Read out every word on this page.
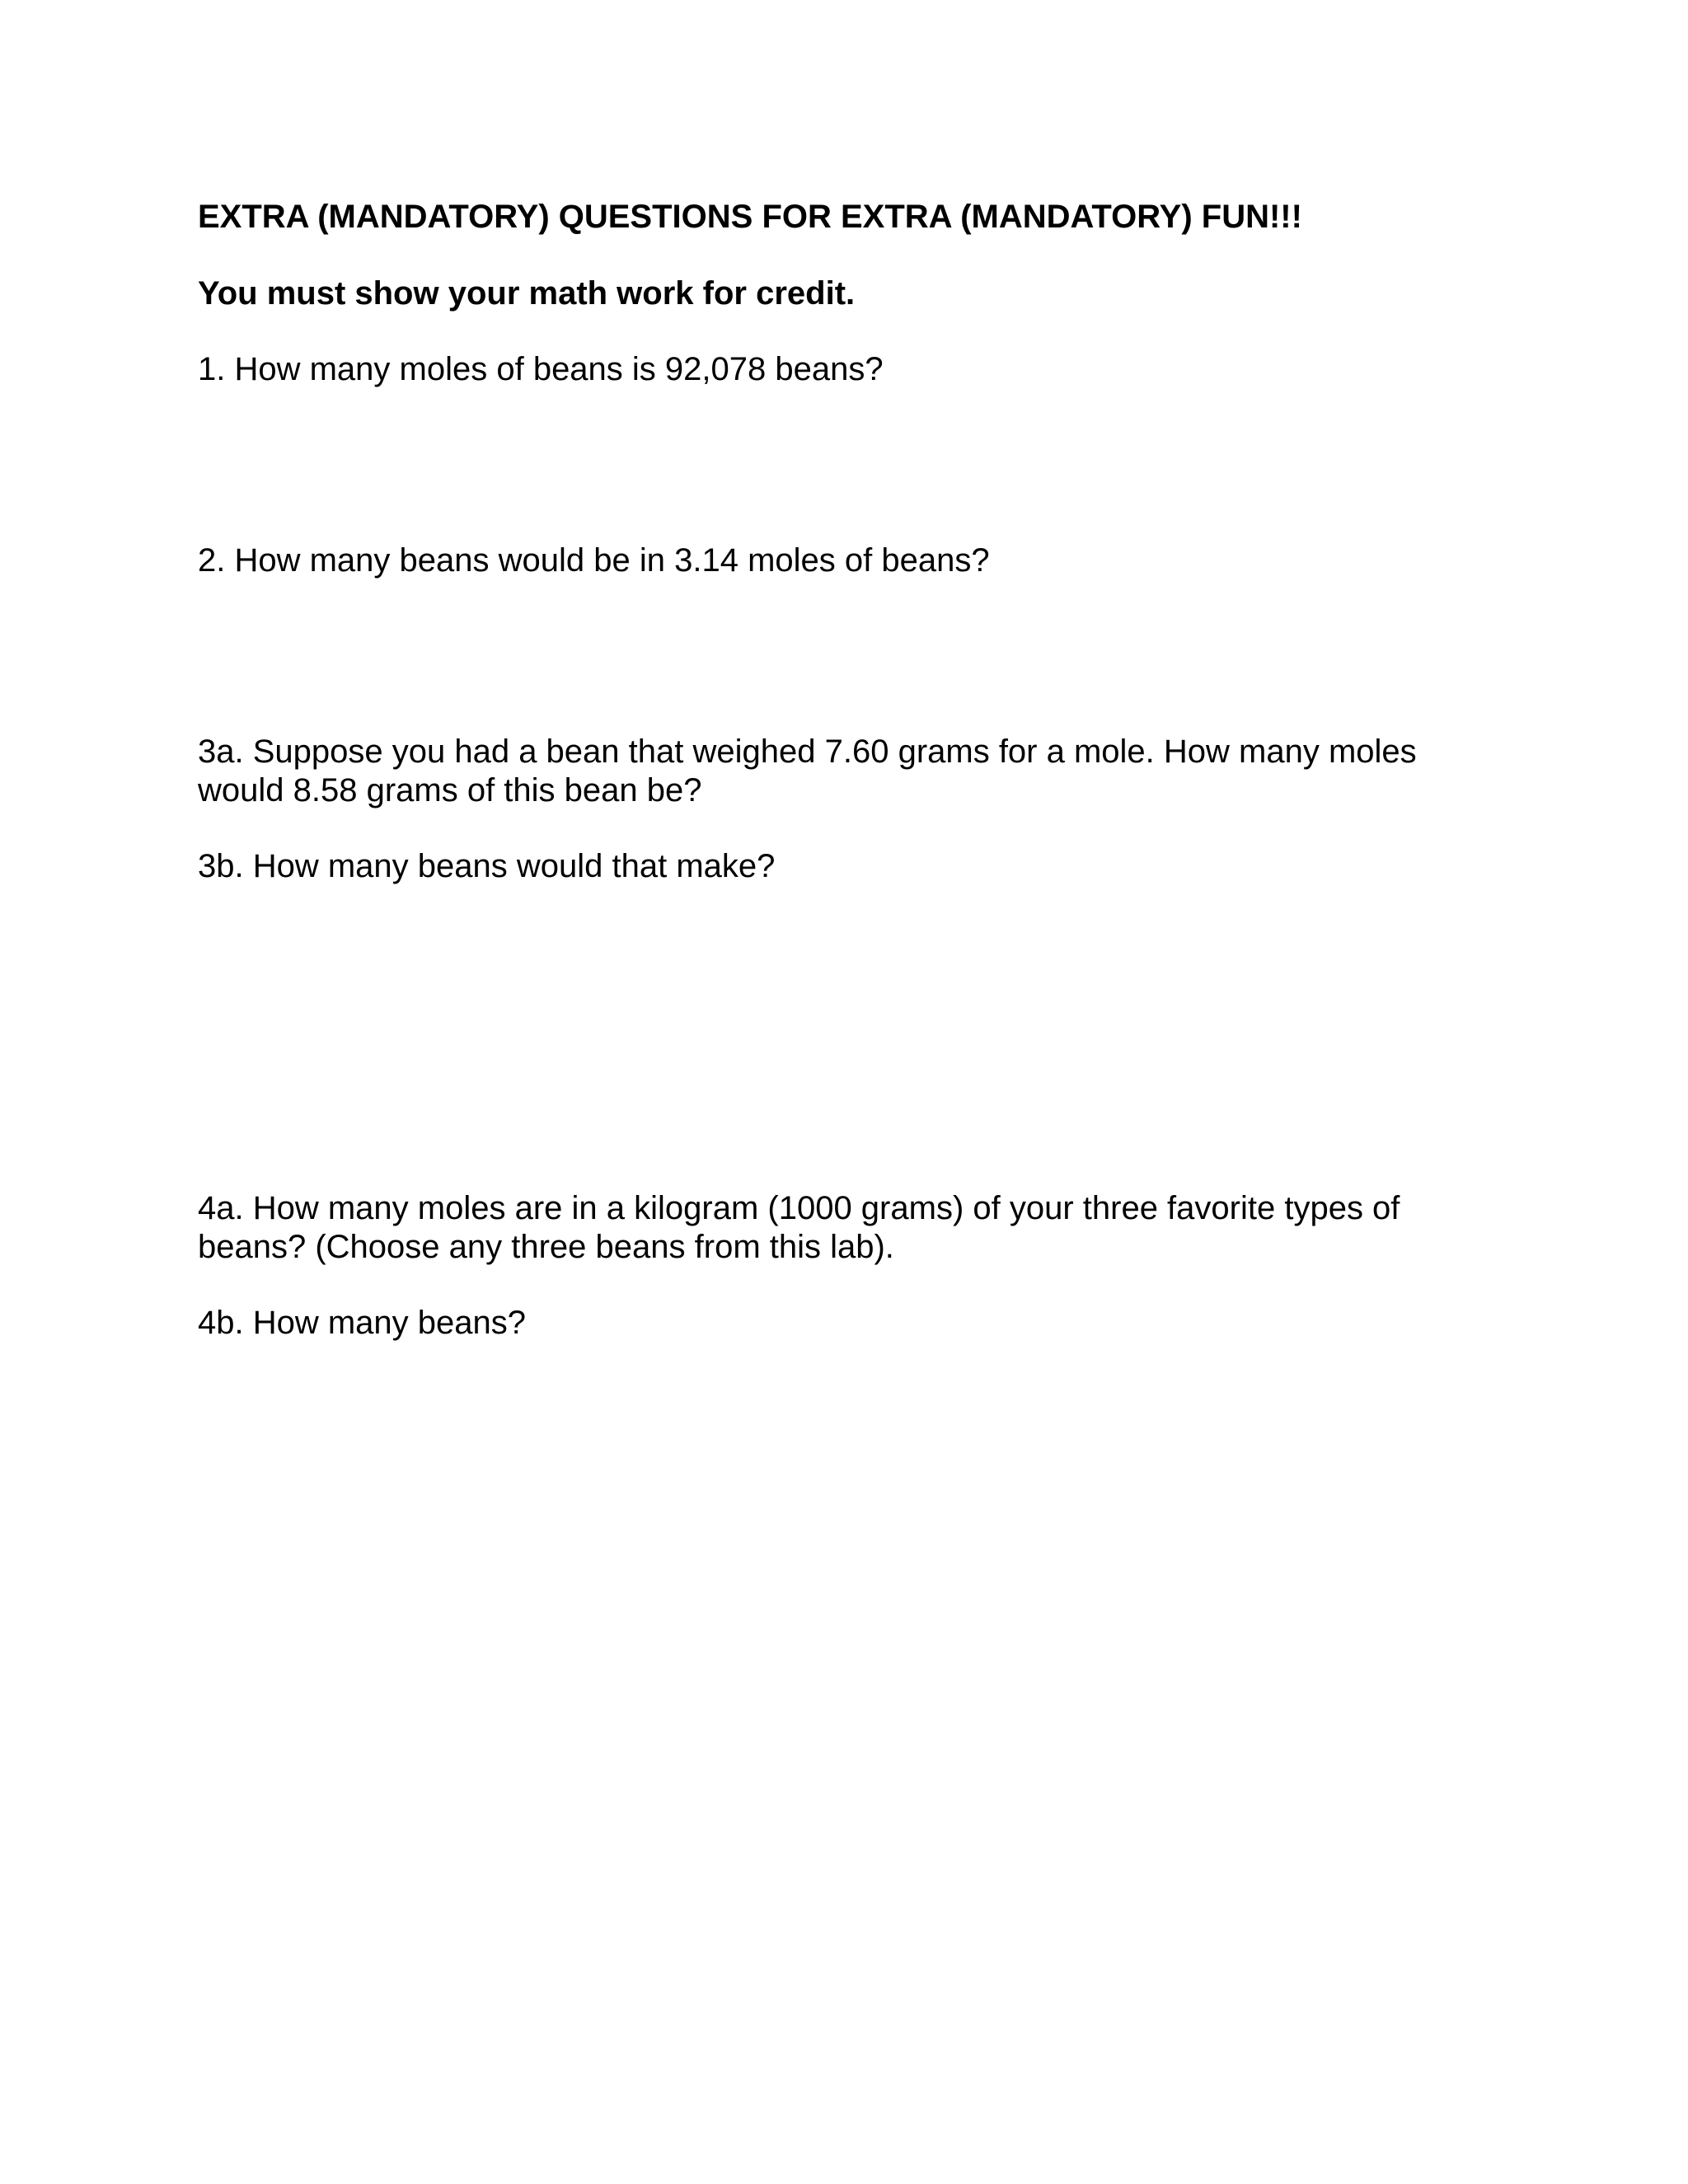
EXTRA (MANDATORY) QUESTIONS FOR EXTRA (MANDATORY) FUN!!!
You must show your math work for credit.
1. How many moles of beans is 92,078 beans?
2. How many beans would be in 3.14 moles of beans?
3a. Suppose you had a bean that weighed 7.60 grams for a mole. How many moles would 8.58 grams of this bean be?
3b. How many beans would that make?
4a. How many moles are in a kilogram (1000 grams) of your three favorite types of beans? (Choose any three beans from this lab).
4b. How many beans?
